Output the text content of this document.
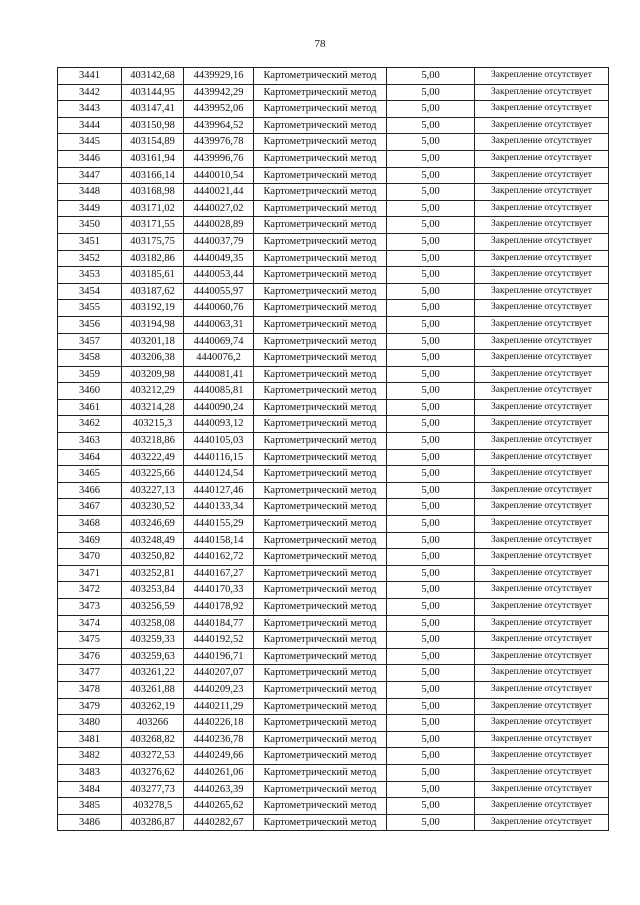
78
3441	403142,68	4439929,16	Картометрический метод	5,00	Закрепление отсутствует
3442	403144,95	4439942,29	Картометрический метод	5,00	Закрепление отсутствует
3443	403147,41	4439952,06	Картометрический метод	5,00	Закрепление отсутствует
3444	403150,98	4439964,52	Картометрический метод	5,00	Закрепление отсутствует
3445	403154,89	4439976,78	Картометрический метод	5,00	Закрепление отсутствует
3446	403161,94	4439996,76	Картометрический метод	5,00	Закрепление отсутствует
3447	403166,14	4440010,54	Картометрический метод	5,00	Закрепление отсутствует
3448	403168,98	4440021,44	Картометрический метод	5,00	Закрепление отсутствует
3449	403171,02	4440027,02	Картометрический метод	5,00	Закрепление отсутствует
3450	403171,55	4440028,89	Картометрический метод	5,00	Закрепление отсутствует
3451	403175,75	4440037,79	Картометрический метод	5,00	Закрепление отсутствует
3452	403182,86	4440049,35	Картометрический метод	5,00	Закрепление отсутствует
3453	403185,61	4440053,44	Картометрический метод	5,00	Закрепление отсутствует
3454	403187,62	4440055,97	Картометрический метод	5,00	Закрепление отсутствует
3455	403192,19	4440060,76	Картометрический метод	5,00	Закрепление отсутствует
3456	403194,98	4440063,31	Картометрический метод	5,00	Закрепление отсутствует
3457	403201,18	4440069,74	Картометрический метод	5,00	Закрепление отсутствует
3458	403206,38	4440076,2	Картометрический метод	5,00	Закрепление отсутствует
3459	403209,98	4440081,41	Картометрический метод	5,00	Закрепление отсутствует
3460	403212,29	4440085,81	Картометрический метод	5,00	Закрепление отсутствует
3461	403214,28	4440090,24	Картометрический метод	5,00	Закрепление отсутствует
3462	403215,3	4440093,12	Картометрический метод	5,00	Закрепление отсутствует
3463	403218,86	4440105,03	Картометрический метод	5,00	Закрепление отсутствует
3464	403222,49	4440116,15	Картометрический метод	5,00	Закрепление отсутствует
3465	403225,66	4440124,54	Картометрический метод	5,00	Закрепление отсутствует
3466	403227,13	4440127,46	Картометрический метод	5,00	Закрепление отсутствует
3467	403230,52	4440133,34	Картометрический метод	5,00	Закрепление отсутствует
3468	403246,69	4440155,29	Картометрический метод	5,00	Закрепление отсутствует
3469	403248,49	4440158,14	Картометрический метод	5,00	Закрепление отсутствует
3470	403250,82	4440162,72	Картометрический метод	5,00	Закрепление отсутствует
3471	403252,81	4440167,27	Картометрический метод	5,00	Закрепление отсутствует
3472	403253,84	4440170,33	Картометрический метод	5,00	Закрепление отсутствует
3473	403256,59	4440178,92	Картометрический метод	5,00	Закрепление отсутствует
3474	403258,08	4440184,77	Картометрический метод	5,00	Закрепление отсутствует
3475	403259,33	4440192,52	Картометрический метод	5,00	Закрепление отсутствует
3476	403259,63	4440196,71	Картометрический метод	5,00	Закрепление отсутствует
3477	403261,22	4440207,07	Картометрический метод	5,00	Закрепление отсутствует
3478	403261,88	4440209,23	Картометрический метод	5,00	Закрепление отсутствует
3479	403262,19	4440211,29	Картометрический метод	5,00	Закрепление отсутствует
3480	403266	4440226,18	Картометрический метод	5,00	Закрепление отсутствует
3481	403268,82	4440236,78	Картометрический метод	5,00	Закрепление отсутствует
3482	403272,53	4440249,66	Картометрический метод	5,00	Закрепление отсутствует
3483	403276,62	4440261,06	Картометрический метод	5,00	Закрепление отсутствует
3484	403277,73	4440263,39	Картометрический метод	5,00	Закрепление отсутствует
3485	403278,5	4440265,62	Картометрический метод	5,00	Закрепление отсутствует
3486	403286,87	4440282,67	Картометрический метод	5,00	Закрепление отсутствует
